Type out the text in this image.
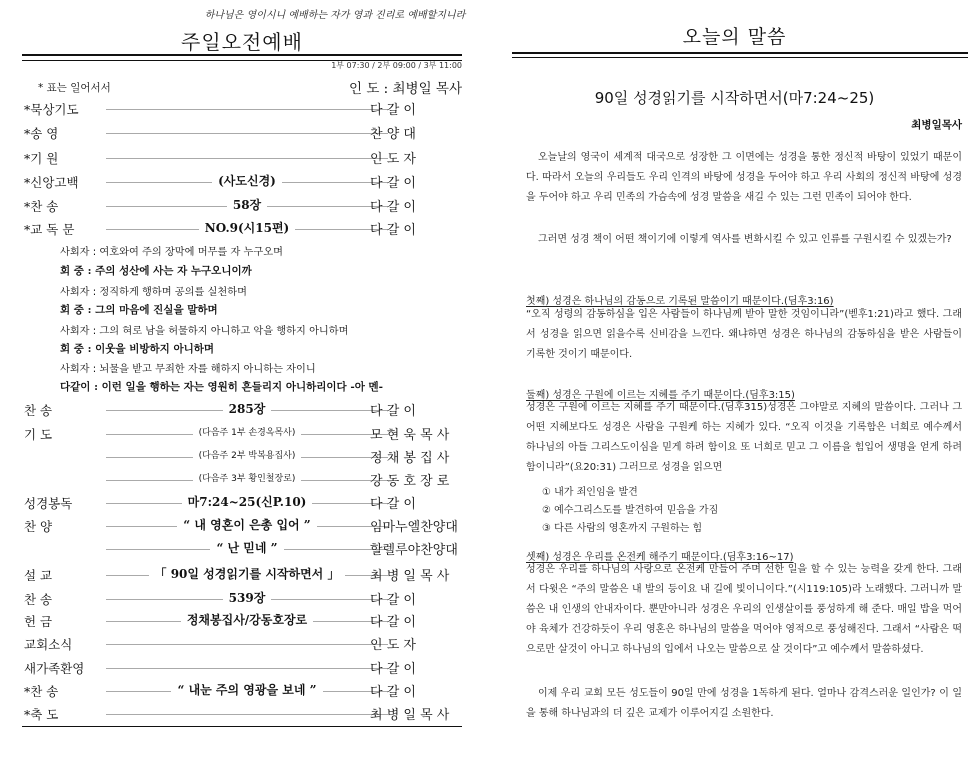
하나님은 영이시니 예배하는 자가 영과 진리로 예배할지니라
주일오전예배
1부 07:30 / 2부 09:00 / 3부 11:00
* 표는 일어서서	인 도 : 최병일 목사
*묵상기도	다 갈 이
*송 영	찬 양 대
*기 원	인 도 자
*신앙고백	(사도신경)	다 갈 이
*찬 송	58장	다 갈 이
*교 독 문	NO.9(시15편)	다 갈 이
사회자 : 여호와여 주의 장막에 머무를 자 누구오며
회 중 : 주의 성산에 사는 자 누구오니이까
사회자 : 정직하게 행하며 공의를 실천하며
회 중 : 그의 마음에 진실을 말하며
사회자 : 그의 혀로 남을 허물하지 아니하고 악을 행하지 아니하며
회 중 : 이웃을 비방하지 아니하며
사회자 : 뇌물을 받고 무죄한 자를 해하지 아니하는 자이니
다같이 : 이런 일을 행하는 자는 영원히 흔들리지 아니하리이다 -아 멘-
찬 송	285장	다 갈 이
기 도	(다음주 1부 손경옥목사)	모 현 욱 목 사
(다음주 2부 박복용집사)	정 채 봉 집 사
(다음주 3부 황인철장로)	강 동 호 장 로
성경봉독	마7:24~25(신P.10)	다 갈 이
찬 양	“ 내 영혼이 은총 입어 ”	임마누엘찬양대
“ 난 믿네 ”	할렐루야찬양대
설 교	「 90일 성경읽기를 시작하면서 」	최 병 일 목 사
찬 송	539장	다 갈 이
헌 금	정채봉집사/강동호장로	다 갈 이
교회소식	인 도 자
새가족환영	다 갈 이
*찬 송	“ 내눈 주의 영광을 보네 ”	다 갈 이
*축 도	최 병 일 목 사
오늘의 말씀
90일 성경읽기를 시작하면서(마7:24~25)
최병일목사
오늘날의 영국이 세계적 대국으로 성장한 그 이면에는 성경을 통한 정신적 바탕이 있었기 때문이다. 따라서 오늘의 우리들도 우리 인격의 바탕에 성경을 두어야 하고 우리 사회의 정신적 바탕에 성경을 두어야 하고 우리 민족의 가슴속에 성경 말씀을 새길 수 있는 그런 민족이 되어야 한다.
그러면 성경 책이 어떤 책이기에 이렇게 역사를 변화시킬 수 있고 인류를 구원시킬 수 있겠는가?
첫째) 성경은 하나님의 감동으로 기록된 말씀이기 때문이다.(딤후3:16)
“오직 성령의 감동하심을 입은 사람들이 하나님께 받아 말한 것임이니라”(벧후1:21)라고 했다. 그래서 성경을 읽으면 읽을수록 신비감을 느낀다. 왜냐하면 성경은 하나님의 감동하심을 받은 사람들이 기록한 것이기 때문이다.
둘째) 성경은 구원에 이르는 지혜를 주기 때문이다.(딤후3:15)
성경은 구원에 이르는 지혜를 주기 때문이다.(딤후315)성경은 그야말로 지혜의 말씀이다. 그러나 그 어떤 지혜보다도 성경은 사람을 구원케 하는 지혜가 있다. “오직 이것을 기록함은 너희로 예수께서 하나님의 아들 그리스도이심을 믿게 하려 함이요 또 너희로 믿고 그 이름을 힘입어 생명을 얻게 하려 함이니라”(요20:31) 그러므로 성경을 읽으면
① 내가 죄인임을 발견
② 예수그리스도를 발견하여 믿음을 가짐
③ 다른 사람의 영혼까지 구원하는 힘
셋째) 성경은 우리를 온전케 해주기 때문이다.(딤후3:16~17)
성경은 우리를 하나님의 사랑으로 온전케 만들어 주며 선한 일을 할 수 있는 능력을 갖게 한다. 그래서 다윗은 “주의 말씀은 내 발의 등이요 내 길에 빛이니이다.”(시119:105)라 노래했다. 그러니까 말씀은 내 인생의 안내자이다. 뿐만아니라 성경은 우리의 인생살이를 풍성하게 해 준다. 매일 밥을 먹어야 육체가 건강하듯이 우리 영혼은 하나님의 말씀을 먹어야 영적으로 풍성해진다. 그래서 “사람은 떡으로만 살것이 아니고 하나님의 입에서 나오는 말씀으로 살 것이다”고 예수께서 말씀하셨다.
이제 우리 교회 모든 성도들이 90일 만에 성경을 1독하게 된다. 얼마나 감격스러운 일인가? 이 일을 통해 하나님과의 더 깊은 교제가 이루어지길 소원한다.
